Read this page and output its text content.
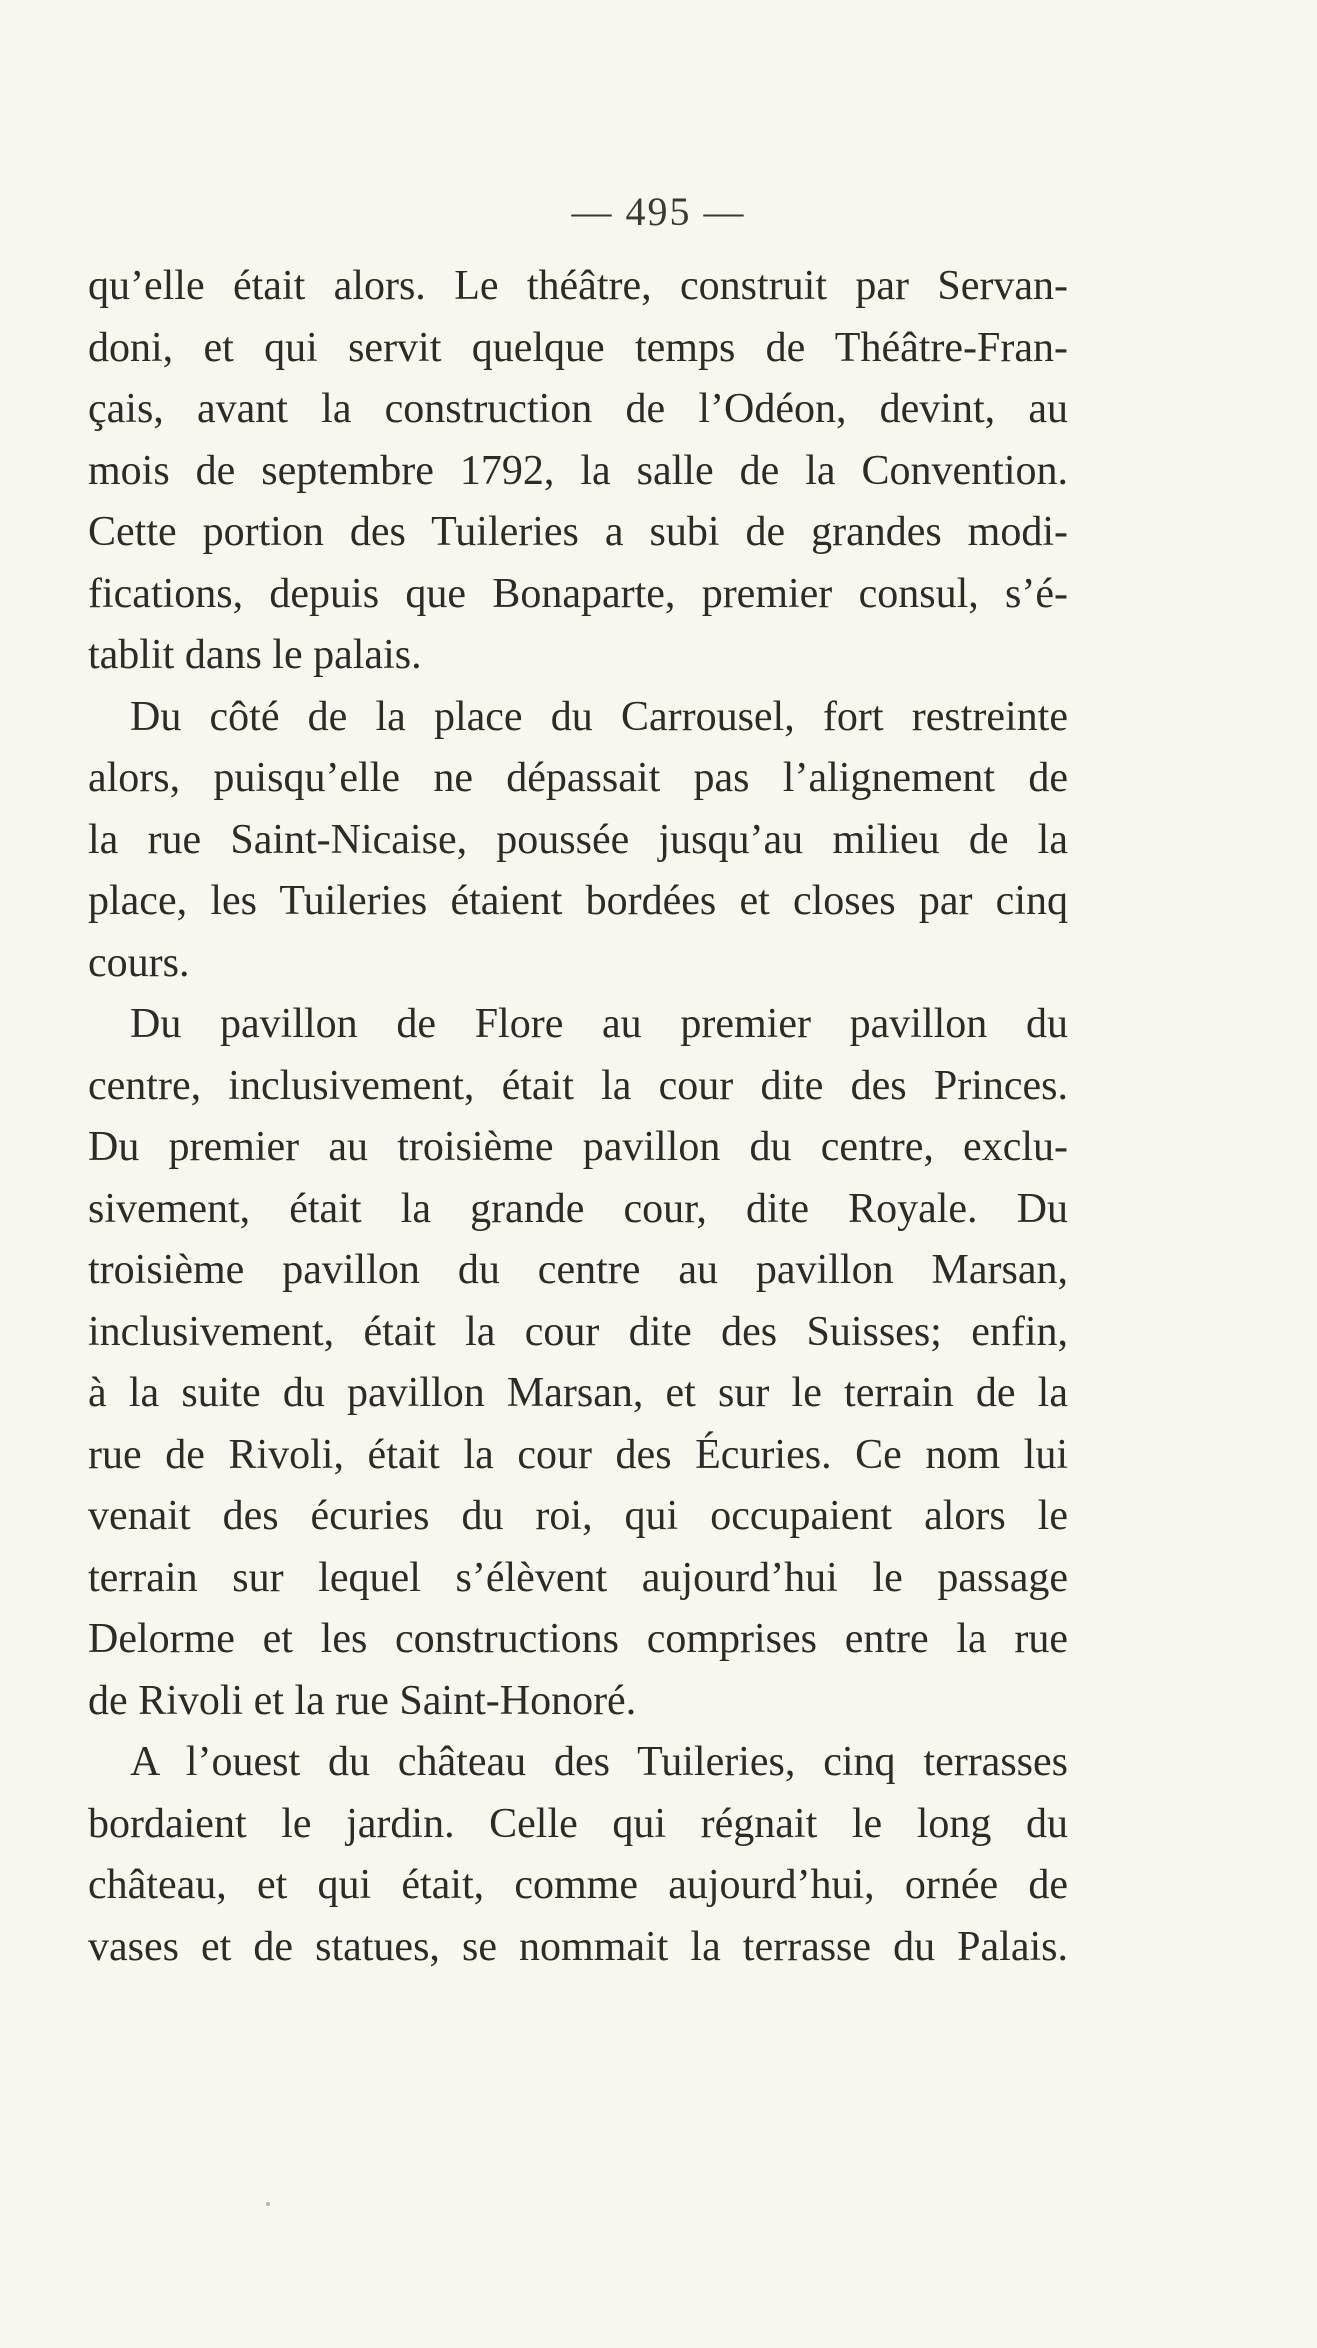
— 495 —
qu’elle était alors. Le théâtre, construit par Servan-
doni, et qui servit quelque temps de Théâtre-Fran-
çais, avant la construction de l’Odéon, devint, au
mois de septembre 1792, la salle de la Convention.
Cette portion des Tuileries a subi de grandes modi-
fications, depuis que Bonaparte, premier consul, s’é-
tablit dans le palais.
Du côté de la place du Carrousel, fort restreinte
alors, puisqu’elle ne dépassait pas l’alignement de
la rue Saint-Nicaise, poussée jusqu’au milieu de la
place, les Tuileries étaient bordées et closes par cinq
cours.
Du pavillon de Flore au premier pavillon du
centre, inclusivement, était la cour dite des Princes.
Du premier au troisième pavillon du centre, exclu-
sivement, était la grande cour, dite Royale. Du
troisième pavillon du centre au pavillon Marsan,
inclusivement, était la cour dite des Suisses; enfin,
à la suite du pavillon Marsan, et sur le terrain de la
rue de Rivoli, était la cour des Écuries. Ce nom lui
venait des écuries du roi, qui occupaient alors le
terrain sur lequel s’élèvent aujourd’hui le passage
Delorme et les constructions comprises entre la rue
de Rivoli et la rue Saint-Honoré.
A l’ouest du château des Tuileries, cinq terrasses
bordaient le jardin. Celle qui régnait le long du
château, et qui était, comme aujourd’hui, ornée de
vases et de statues, se nommait la terrasse du Palais.
